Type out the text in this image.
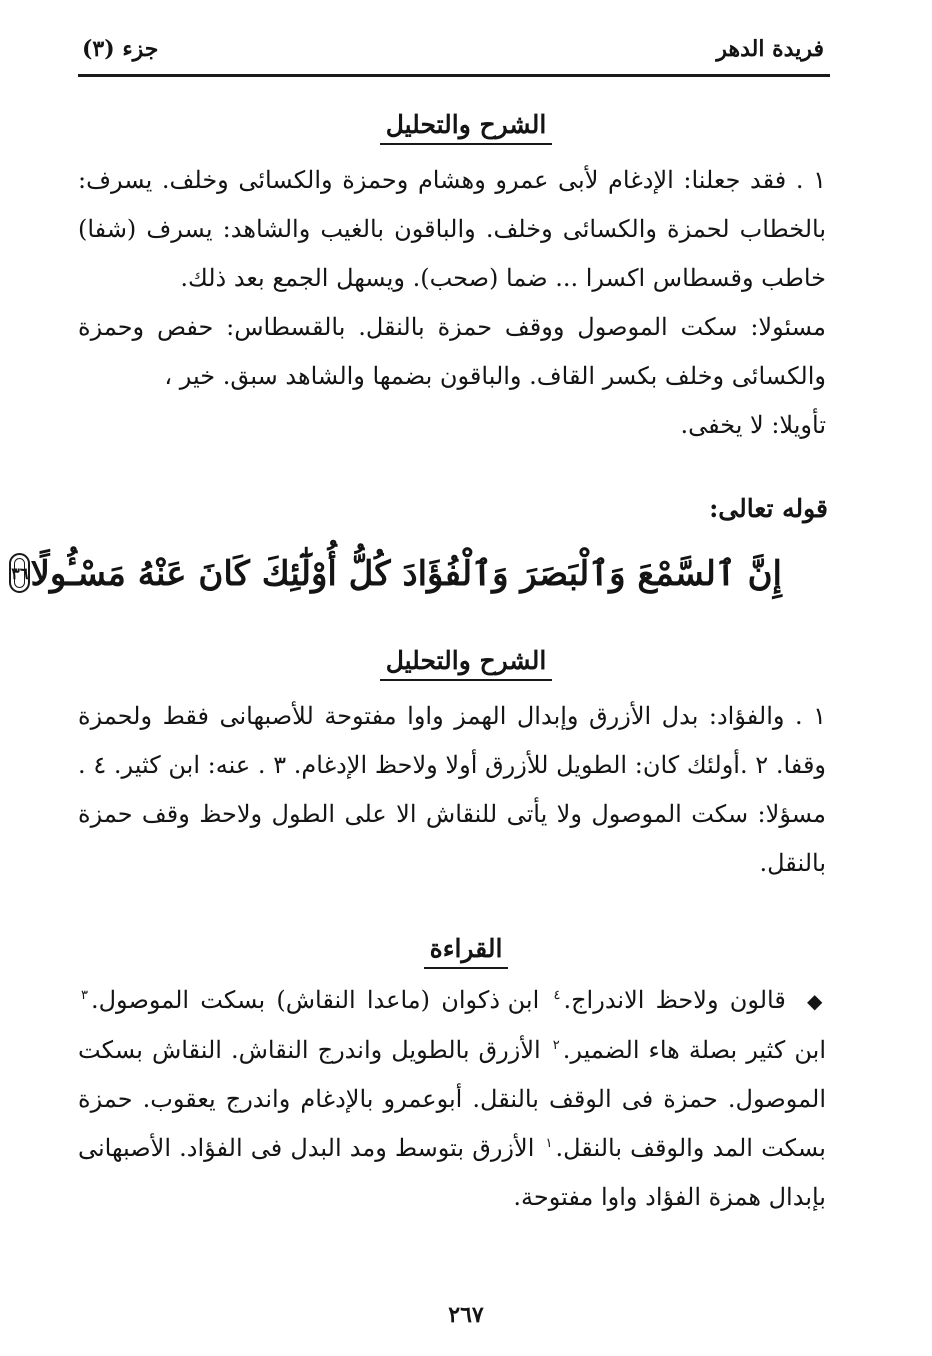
فريدة الدهر
جزء (٣)
الشرح والتحليل

١ . فقد جعلنا: الإدغام لأبى عمرو وهشام وحمزة والكسائى وخلف. يسرف: بالخطاب لحمزة والكسائى وخلف. والباقون بالغيب والشاهد: يسرف (شفا) خاطب وقسطاس اكسرا ... ضما (صحب). ويسهل الجمع بعد ذلك.

مسئولا: سكت الموصول ووقف حمزة بالنقل. بالقسطاس: حفص وحمزة والكسائى وخلف بكسر القاف. والباقون بضمها والشاهد سبق. خير ،

تأويلا: لا يخفى.

قوله تعالى:
إِنَّ ٱلسَّمْعَ وَٱلْبَصَرَ وَٱلْفُؤَادَ كُلُّ أُوْلَٰٓئِكَ كَانَ عَنْهُ مَسْـُٔولًا
٣٦
الشرح والتحليل

١ . والفؤاد: بدل الأزرق وإبدال الهمز واوا مفتوحة للأصبهانى فقط ولحمزة وقفا. ٢ .أولئك كان: الطويل للأزرق أولا ولاحظ الإدغام. ٣ . عنه: ابن كثير. ٤ . مسؤلا: سكت الموصول ولا يأتى للنقاش الا على الطول ولاحظ وقف حمزة بالنقل.

القراءة

◆ قالون ولاحظ الاندراج.$^٤$ ابن ذكوان (ماعدا النقاش) بسكت الموصول.$^٣$ ابن كثير بصلة هاء الضمير.$^٢$ الأزرق بالطويل واندرج النقاش. النقاش بسكت الموصول. حمزة فى الوقف بالنقل. أبوعمرو بالإدغام واندرج يعقوب. حمزة بسكت المد والوقف بالنقل.$^١$ الأزرق بتوسط ومد البدل فى الفؤاد. الأصبهانى بإبدال همزة الفؤاد واوا مفتوحة.

٢٦٧
